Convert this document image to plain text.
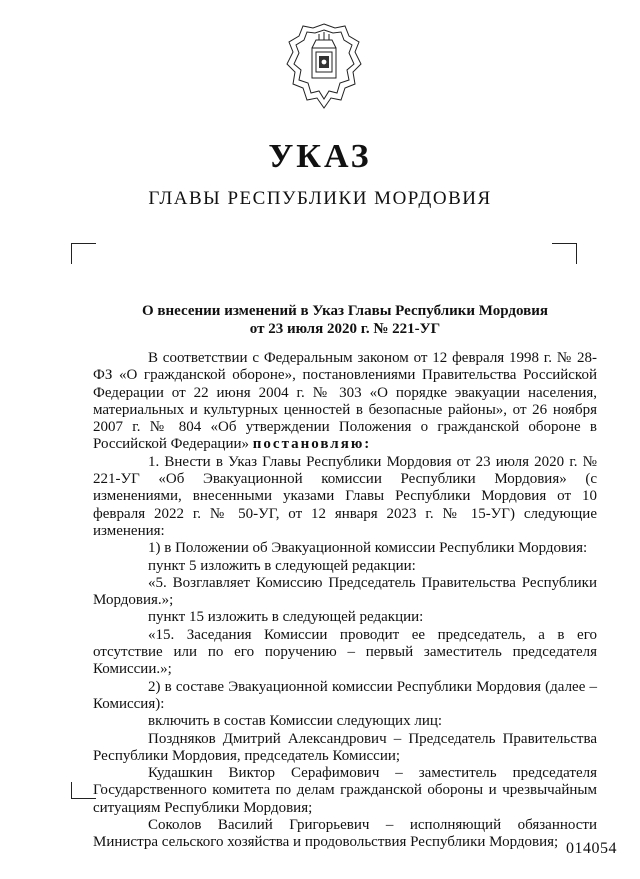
УКАЗ
ГЛАВЫ РЕСПУБЛИКИ МОРДОВИЯ
О внесении изменений в Указ Главы Республики Мордовия
от 23 июля 2020 г. № 221-УГ

В соответствии с Федеральным законом от 12 февраля 1998 г. № 28-ФЗ «О гражданской обороне», постановлениями Правительства Российской Федерации от 22 июня 2004 г. № 303 «О порядке эвакуации населения, материальных и культурных ценностей в безопасные районы», от 26 ноября 2007 г. № 804 «Об утверждении Положения о гражданской обороне в Российской Федерации» постановляю:

1. Внести в Указ Главы Республики Мордовия от 23 июля 2020 г. № 221-УГ «Об Эвакуационной комиссии Республики Мордовия» (с изменениями, внесенными указами Главы Республики Мордовия от 10 февраля 2022 г. № 50-УГ, от 12 января 2023 г. № 15-УГ) следующие изменения:

1) в Положении об Эвакуационной комиссии Республики Мордовия:

пункт 5 изложить в следующей редакции:

«5. Возглавляет Комиссию Председатель Правительства Республики Мордовия.»;

пункт 15 изложить в следующей редакции:

«15. Заседания Комиссии проводит ее председатель, а в его отсутствие или по его поручению – первый заместитель председателя Комиссии.»;

2) в составе Эвакуационной комиссии Республики Мордовия (далее – Комиссия):

включить в состав Комиссии следующих лиц:

Поздняков Дмитрий Александрович – Председатель Правительства Республики Мордовия, председатель Комиссии;

Кудашкин Виктор Серафимович – заместитель председателя Государственного комитета по делам гражданской обороны и чрезвычайным ситуациям Республики Мордовия;

Соколов Василий Григорьевич – исполняющий обязанности Министра сельского хозяйства и продовольствия Республики Мордовия; 014054
